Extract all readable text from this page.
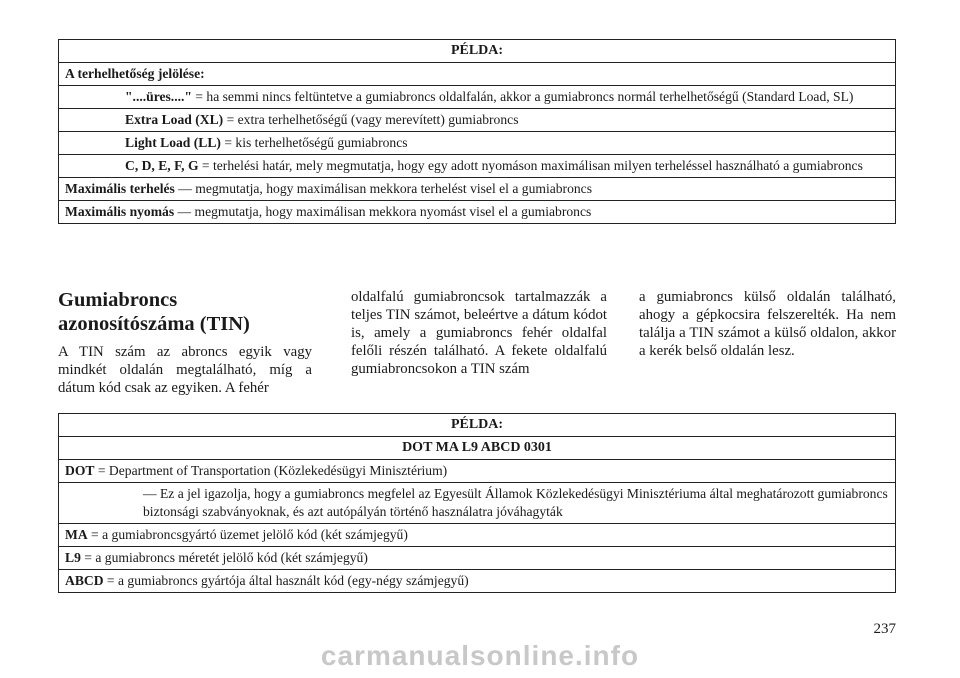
PÉLDA:
A terhelhetőség jelölése:
"....üres...." = ha semmi nincs feltüntetve a gumiabroncs oldalfalán, akkor a gumiabroncs normál terhelhetőségű (Standard Load, SL)
Extra Load (XL) = extra terhelhetőségű (vagy merevített) gumiabroncs
Light Load (LL) = kis terhelhetőségű gumiabroncs
C, D, E, F, G = terhelési határ, mely megmutatja, hogy egy adott nyomáson maximálisan milyen terheléssel használható a gumiabroncs
Maximális terhelés — megmutatja, hogy maximálisan mekkora terhelést visel el a gumiabroncs
Maximális nyomás — megmutatja, hogy maximálisan mekkora nyomást visel el a gumiabroncs
Gumiabroncs azonosítószáma (TIN)

A TIN szám az abroncs egyik vagy mindkét oldalán megtalálható, míg a dátum kód csak az egyiken. A fehér

oldalfalú gumiabroncsok tartalmazzák a teljes TIN számot, beleértve a dátum kódot is, amely a gumiabroncs fehér oldalfal felőli részén található. A fekete oldalfalú gumiabroncsokon a TIN szám

a gumiabroncs külső oldalán található, ahogy a gépkocsira felszerelték. Ha nem találja a TIN számot a külső oldalon, akkor a kerék belső oldalán lesz.

PÉLDA:
DOT MA L9 ABCD 0301
DOT = Department of Transportation (Közlekedésügyi Minisztérium)
— Ez a jel igazolja, hogy a gumiabroncs megfelel az Egyesült Államok Közlekedésügyi Minisztériuma által meghatározott gumiabroncs biztonsági szabványoknak, és azt autópályán történő használatra jóváhagyták
MA = a gumiabroncsgyártó üzemet jelölő kód (két számjegyű)
L9 = a gumiabroncs méretét jelölő kód (két számjegyű)
ABCD = a gumiabroncs gyártója által használt kód (egy-négy számjegyű)
237
carmanualsonline.info
